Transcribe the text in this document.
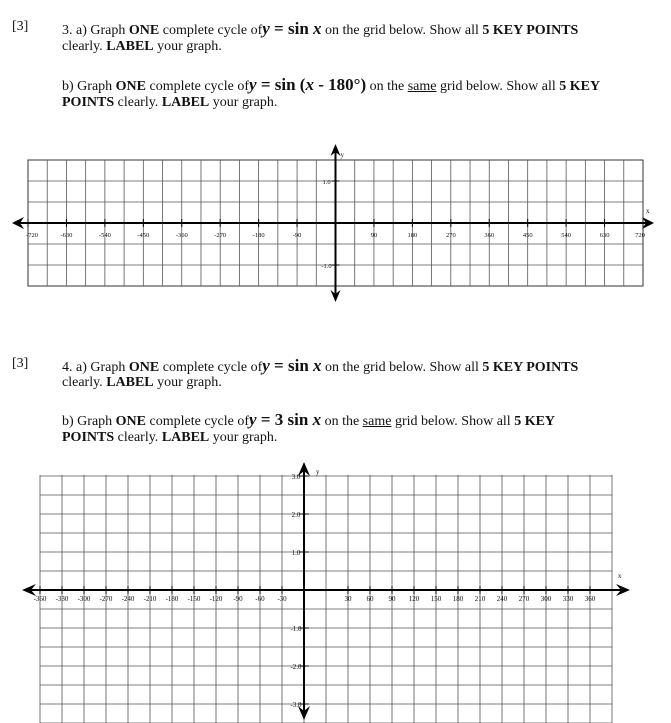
[3] 3. a) Graph ONE complete cycle ofy = sin x on the grid below. Show all 5 KEY POINTS
clearly. LABEL your graph.
b) Graph ONE complete cycle ofy = sin (x - 180°) on the same grid below. Show all 5 KEY
POINTS clearly. LABEL your graph.
y
x
-720	-630	-540	-450	-360	-270	-180	-90	90	180	270	360	450	540	630	720
1.0
-1.0
x
y
-360 -330 -300 -270 -240 -210 -180 -150 -120 -90 -60 -30	30 60 90 120 150 180 210 240 270 300 330 360
3.0
2.0
1.0
-1.0
-2.0
-3.0
[3] 4. a) Graph ONE complete cycle ofy = sin x on the grid below. Show all 5 KEY POINTS
clearly. LABEL your graph.
b) Graph ONE complete cycle ofy = 3 sin x on the same grid below. Show all 5 KEY
POINTS clearly. LABEL your graph.
